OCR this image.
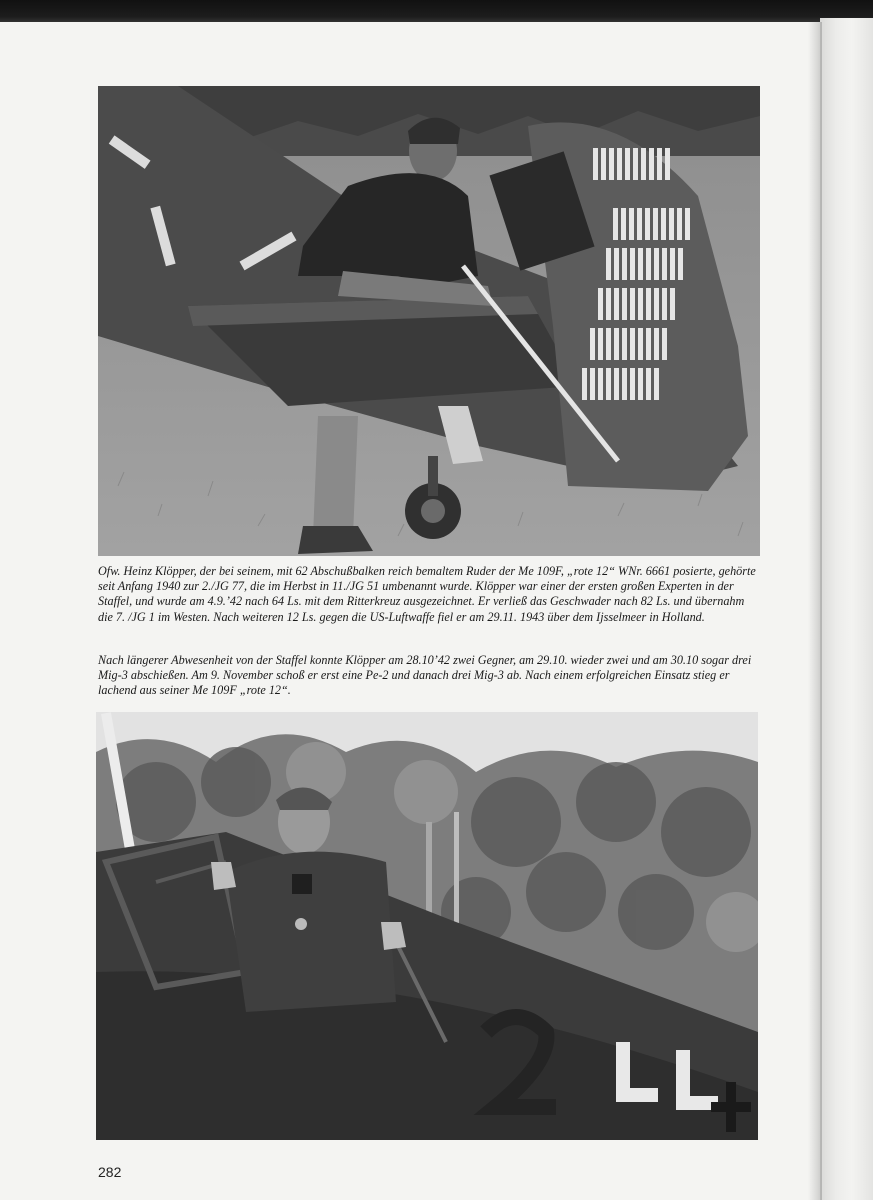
Ofw. Heinz Klöpper, der bei seinem, mit 62 Abschußbalken reich bemaltem Ruder der Me 109F, „rote 12“ WNr. 6661 posierte, gehörte seit Anfang 1940 zur 2./JG 77, die im Herbst in 11./JG 51 umbenannt wurde. Klöpper war einer der ersten großen Experten in der Staffel, und wurde am 4.9.’42 nach 64 Ls. mit dem Ritterkreuz ausgezeichnet. Er verließ das Geschwader nach 82 Ls. und übernahm die 7. /JG 1 im Westen. Nach weiteren 12 Ls. gegen die US-Luftwaffe fiel er am 29.11. 1943 über dem Ijsselmeer in Holland.

Nach längerer Abwesenheit von der Staffel konnte Klöpper am 28.10’42 zwei Gegner, am 29.10. wieder zwei und am 30.10 sogar drei Mig-3 abschießen. Am 9. November schoß er erst eine Pe-2 und danach drei Mig-3 ab. Nach einem erfolgreichen Einsatz stieg er lachend aus seiner Me 109F „rote 12“.

282
